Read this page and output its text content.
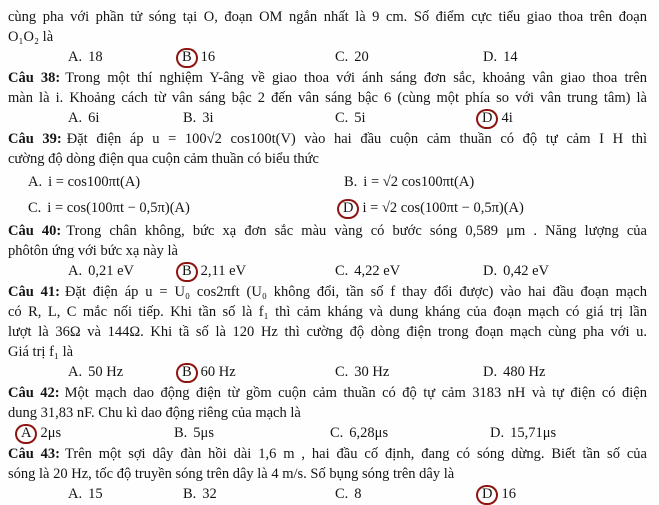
cùng pha với phần tử sóng tại O, đoạn OM ngắn nhất là 9 cm. Số điểm cực tiểu giao thoa trên đoạn
O₁O₂ là
A . 18	B 16	C . 20	D . 14
Câu 38: Trong một thí nghiệm Y-âng về giao thoa với ánh sáng đơn sắc, khoảng vân giao thoa trên
màn là i. Khoảng cách từ vân sáng bậc 2 đến vân sáng bậc 6 (cùng một phía so với vân trung tâm) là
A . 6i	B . 3i	C . 5i	D 4i
Câu 39: Đặt điện áp u = 100√2 cos100t(V) vào hai đầu cuộn cảm thuần có độ tự cảm I H thì
cường độ dòng điện qua cuộn cảm thuần có biểu thức
A . i = cos100πt(A)	B . i = √2 cos100πt(A)
C . i = cos(100πt − 0,5π)(A)	D i = √2 cos(100πt − 0,5π)(A)
Câu 40: Trong chân không, bức xạ đơn sắc màu vàng có bước sóng 0,589 μm . Năng lượng của
phôtôn ứng với bức xạ này là
A . 0,21 eV	B 2,11 eV	C . 4,22 eV	D . 0,42 eV
Câu 41: Đặt điện áp u = U₀ cos2πft (U₀ không đổi, tần số f thay đổi được) vào hai đầu đoạn mạch
có R, L, C mắc nối tiếp. Khi tần số là f₁ thì cảm kháng và dung kháng của đoạn mạch có giá trị lần
lượt là 36Ω và 144Ω. Khi tầ số là 120 Hz thì cường độ dòng điện trong đoạn mạch cùng pha với u.
Giá trị f₁ là
A . 50 Hz	B 60 Hz	C . 30 Hz	D . 480 Hz
Câu 42: Một mạch dao động điện từ gồm cuộn cảm thuần có độ tự cảm 3183 nH và tự điện có điện
dung 31,83 nF. Chu kì dao động riêng của mạch là
A 2μs	B . 5μs	C . 6,28μs	D . 15,71μs
Câu 43: Trên một sợi dây đàn hồi dài 1,6 m , hai đầu cố định, đang có sóng dừng. Biết tần số của
sóng là 20 Hz, tốc độ truyền sóng trên dây là 4 m/s. Số bụng sóng trên dây là
A . 15	B . 32	C . 8	D 16
